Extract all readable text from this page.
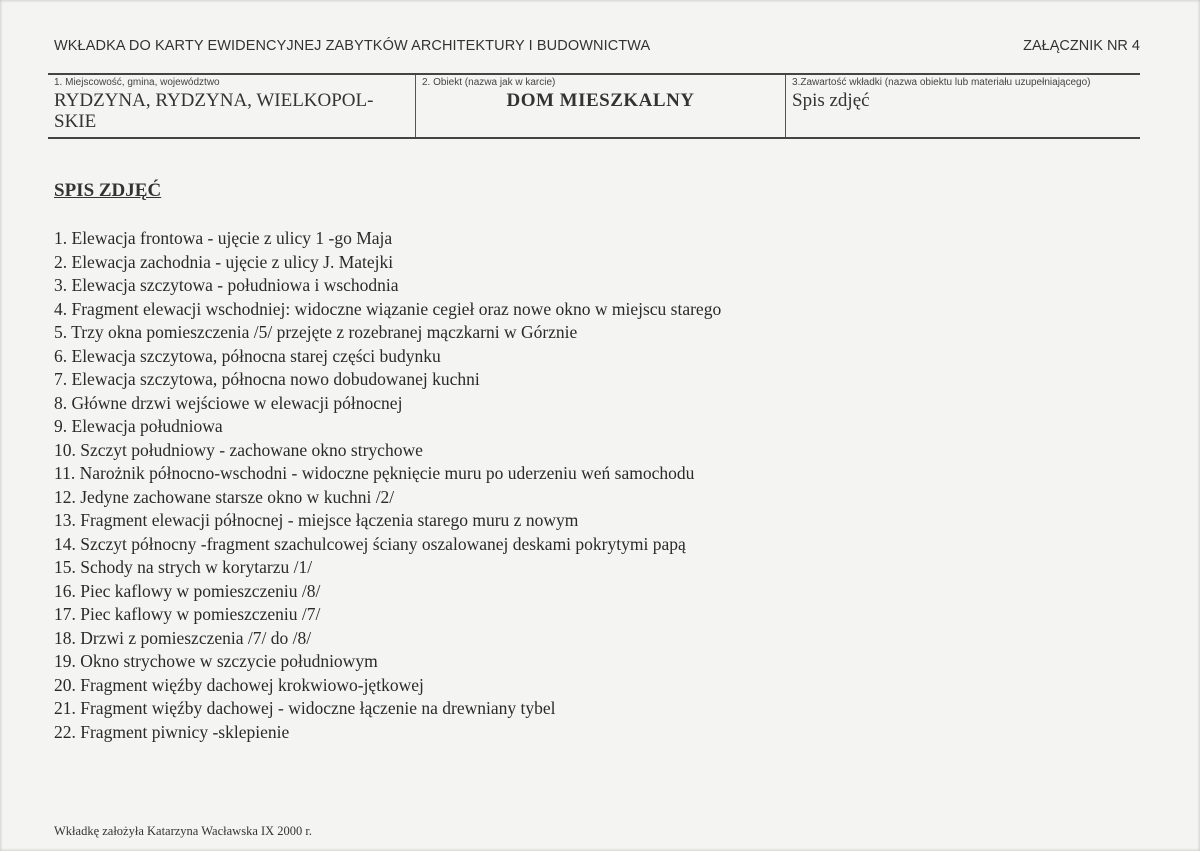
WKŁADKA DO KARTY EWIDENCYJNEJ ZABYTKÓW ARCHITEKTURY I BUDOWNICTWA	ZAŁĄCZNIK NR 4
1. Miejscowość, gmina, województwo
RYDZYNA, RYDZYNA, WIELKOPOL-
SKIE
2. Obiekt (nazwa jak w karcie)
DOM MIESZKALNY
3.Zawartość wkładki (nazwa obiektu lub materiału uzupełniającego)
Spis zdjęć
SPIS ZDJĘĆ
1. Elewacja frontowa - ujęcie z ulicy 1 -go Maja
2. Elewacja zachodnia - ujęcie z ulicy J. Matejki
3. Elewacja szczytowa - południowa i wschodnia
4. Fragment elewacji wschodniej: widoczne wiązanie cegieł oraz nowe okno w miejscu starego
5. Trzy okna pomieszczenia /5/ przejęte z rozebranej mączkarni w Górznie
6. Elewacja szczytowa, północna starej części budynku
7. Elewacja szczytowa, północna nowo dobudowanej kuchni
8. Główne drzwi wejściowe w elewacji północnej
9. Elewacja południowa
10. Szczyt południowy - zachowane okno strychowe
11. Narożnik północno-wschodni - widoczne pęknięcie muru po uderzeniu weń samochodu
12. Jedyne zachowane starsze okno w kuchni /2/
13. Fragment elewacji północnej - miejsce łączenia starego muru z nowym
14. Szczyt północny -fragment szachulcowej ściany oszalowanej deskami pokrytymi papą
15. Schody na strych w korytarzu /1/
16. Piec kaflowy w pomieszczeniu /8/
17. Piec kaflowy w pomieszczeniu /7/
18. Drzwi z pomieszczenia /7/ do /8/
19. Okno strychowe w szczycie południowym
20. Fragment więźby dachowej krokwiowo-jętkowej
21. Fragment więźby dachowej - widoczne łączenie na drewniany tybel
22. Fragment piwnicy -sklepienie
Wkładkę założyła Katarzyna Wacławska IX 2000 r.
